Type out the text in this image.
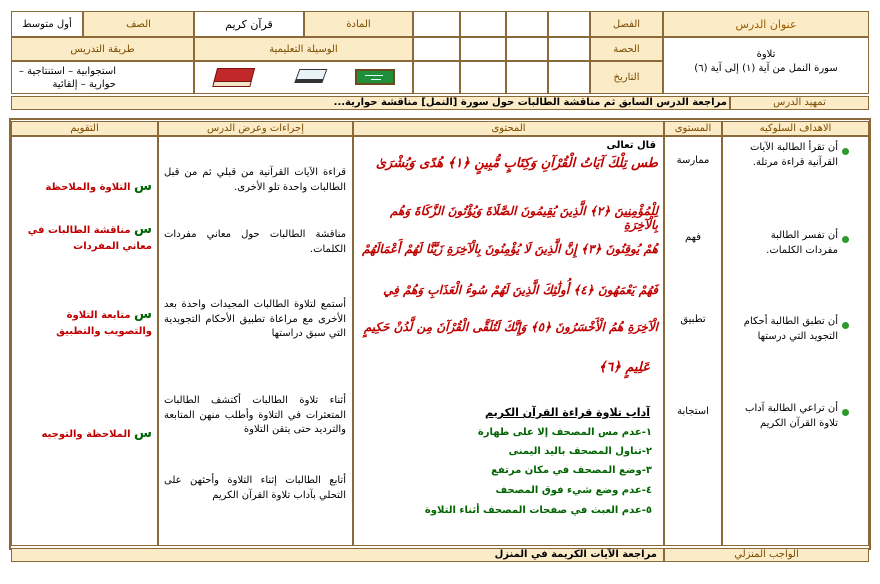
عنوان الدرس
الفصل
المادة
قرآن كريم
الصف
أول متوسط
تلاوة
سورة النمل من آية (١) إلى آية (٦)
الحصة
الوسيلة التعليمية
طريقة التدريس
التاريخ
استجوابية – استنتاجية – حوارية – إلقائية
تمهيد الدرس
مراجعة الدرس السابق ثم مناقشة الطالبات حول سورة [النمل] مناقشة حوارية...
الاهداف السلوكيه
المستوى
المحتوى
إجراءات وعرض الدرس
التقويم
أن تقرأ الطالبة الآيات القرآنية قراءة مرتلة.
أن تفسر الطالبة مفردات الكلمات.
أن تطبق الطالبة أحكام التجويد التي درستها
أن تراعي الطالبة آداب تلاوة القرآن الكريم
ممارسة
فهم
تطبيق
استجابة
قال تعالى
طس تِلْكَ آيَاتُ الْقُرْآنِ وَكِتَابٍ مُّبِينٍ ﴿١﴾ هُدًى وَبُشْرَىٰ
لِلْمُؤْمِنِينَ ﴿٢﴾ الَّذِينَ يُقِيمُونَ الصَّلَاةَ وَيُؤْتُونَ الزَّكَاةَ وَهُم بِالْآخِرَةِ
هُمْ يُوقِنُونَ ﴿٣﴾ إِنَّ الَّذِينَ لَا يُؤْمِنُونَ بِالْآخِرَةِ زَيَّنَّا لَهُمْ أَعْمَالَهُمْ
فَهُمْ يَعْمَهُونَ ﴿٤﴾ أُولَٰئِكَ الَّذِينَ لَهُمْ سُوءُ الْعَذَابِ وَهُمْ فِي
الْآخِرَةِ هُمُ الْأَخْسَرُونَ ﴿٥﴾ وَإِنَّكَ لَتُلَقَّى الْقُرْآنَ مِن لَّدُنْ حَكِيمٍ
عَلِيمٍ ﴿٦﴾
آداب تلاوة قراءة القرآن الكريم
١-عدم مس المصحف إلا على طهارة
٢-تناول المصحف باليد اليمنى
٣-وضع المصحف في مكان مرتفع
٤-عدم وضع شيء فوق المصحف
٥-عدم العبث في صفحات المصحف أثناء التلاوة
قراءة الآيات القرآنية من قبلي ثم من قبل الطالبات واحدة تلو الأخرى.
مناقشة الطالبات حول معاني مفردات الكلمات.
أستمع لتلاوة الطالبات المجيدات واحدة بعد الأخرى مع مراعاة تطبيق الأحكام التجويدية التي سبق دراستها
أثناء تلاوة الطالبات أكتشف الطالبات المتعثرات في التلاوة وأطلب منهن المتابعة والترديد حتى يتقن التلاوة
أتابع الطالبات إثناء التلاوة وأحثهن على التحلي بآداب تلاوة القرآن الكريم
س التلاوة والملاحظة
س مناقشة الطالبات في معاني المفردات
س متابعة التلاوة والتصويب والتطبيق
س الملاحظة والتوجيه
الواجب المنزلي
مراجعة الآيات الكريمة في المنزل
